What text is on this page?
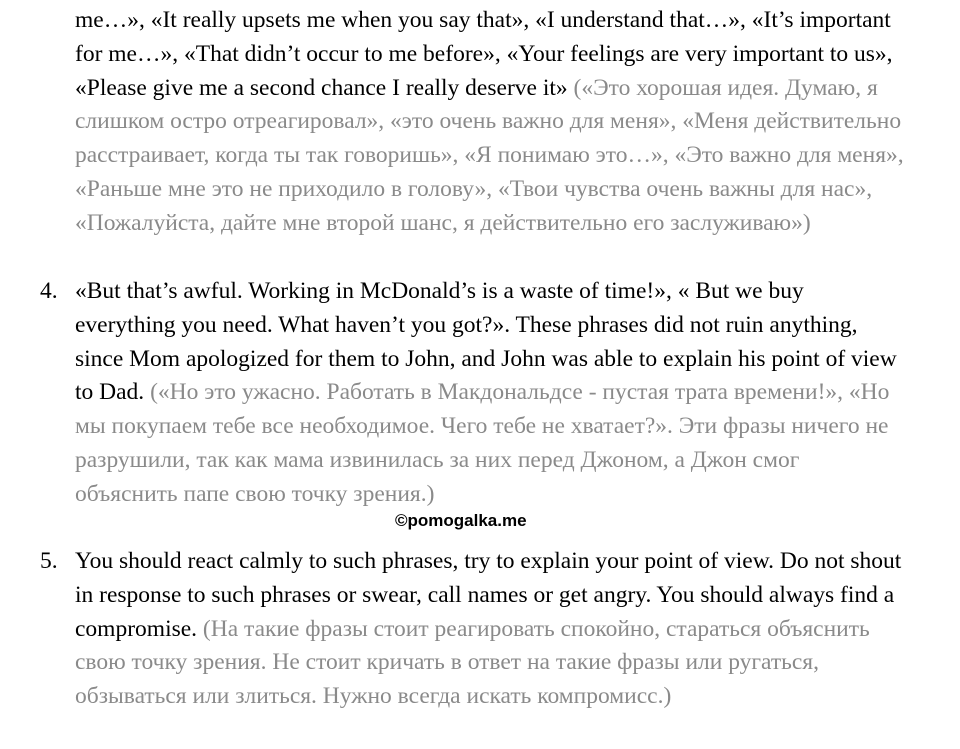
me…», «It really upsets me when you say that», «I understand that…», «It’s important for me…», «That didn’t occur to me before», «Your feelings are very important to us», «Please give me a second chance I really deserve it» («Это хорошая идея. Думаю, я слишком остро отреагировал», «это очень важно для меня», «Меня действительно расстраивает, когда ты так говоришь», «Я понимаю это…», «Это важно для меня», «Раньше мне это не приходило в голову», «Твои чувства очень важны для нас», «Пожалуйста, дайте мне второй шанс, я действительно его заслуживаю»)

4. «But that’s awful. Working in McDonald’s is a waste of time!», « But we buy everything you need. What haven’t you got?». These phrases did not ruin anything, since Mom apologized for them to John, and John was able to explain his point of view to Dad. («Но это ужасно. Работать в Макдональдсе - пустая трата времени!», «Но мы покупаем тебе все необходимое. Чего тебе не хватает?». Эти фразы ничего не разрушили, так как мама извинилась за них перед Джоном, а Джон смог объяснить папе свою точку зрения.)

©pomogalka.me
5. You should react calmly to such phrases, try to explain your point of view. Do not shout in response to such phrases or swear, call names or get angry. You should always find a compromise. (На такие фразы стоит реагировать спокойно, стараться объяснить свою точку зрения. Не стоит кричать в ответ на такие фразы или ругаться, обзываться или злиться. Нужно всегда искать компромисс.)
